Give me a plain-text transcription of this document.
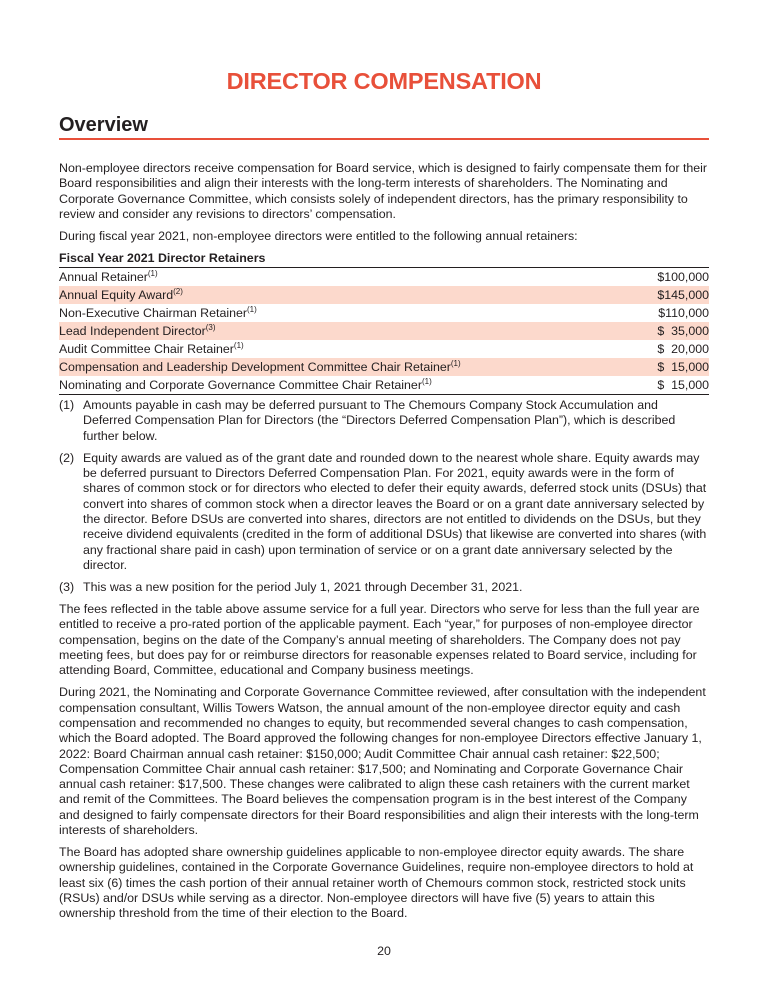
DIRECTOR COMPENSATION
Overview

Non-employee directors receive compensation for Board service, which is designed to fairly compensate them for their Board responsibilities and align their interests with the long-term interests of shareholders. The Nominating and Corporate Governance Committee, which consists solely of independent directors, has the primary responsibility to review and consider any revisions to directors’ compensation.

During fiscal year 2021, non-employee directors were entitled to the following annual retainers:

Fiscal Year 2021 Director Retainers
Annual Retainer$^{(1)}$	$100,000
Annual Equity Award$^{(2)}$	$145,000
Non-Executive Chairman Retainer$^{(1)}$	$110,000
Lead Independent Director$^{(3)}$	$  35,000
Audit Committee Chair Retainer$^{(1)}$	$  20,000
Compensation and Leadership Development Committee Chair Retainer$^{(1)}$	$  15,000
Nominating and Corporate Governance Committee Chair Retainer$^{(1)}$	$  15,000
(1) Amounts payable in cash may be deferred pursuant to The Chemours Company Stock Accumulation and Deferred Compensation Plan for Directors (the “Directors Deferred Compensation Plan”), which is described further below.
(2) Equity awards are valued as of the grant date and rounded down to the nearest whole share. Equity awards may be deferred pursuant to Directors Deferred Compensation Plan. For 2021, equity awards were in the form of shares of common stock or for directors who elected to defer their equity awards, deferred stock units (DSUs) that convert into shares of common stock when a director leaves the Board or on a grant date anniversary selected by the director. Before DSUs are converted into shares, directors are not entitled to dividends on the DSUs, but they receive dividend equivalents (credited in the form of additional DSUs) that likewise are converted into shares (with any fractional share paid in cash) upon termination of service or on a grant date anniversary selected by the director.
(3) This was a new position for the period July 1, 2021 through December 31, 2021.

The fees reflected in the table above assume service for a full year. Directors who serve for less than the full year are entitled to receive a pro-rated portion of the applicable payment. Each “year,” for purposes of non-employee director compensation, begins on the date of the Company’s annual meeting of shareholders. The Company does not pay meeting fees, but does pay for or reimburse directors for reasonable expenses related to Board service, including for attending Board, Committee, educational and Company business meetings.

During 2021, the Nominating and Corporate Governance Committee reviewed, after consultation with the independent compensation consultant, Willis Towers Watson, the annual amount of the non-employee director equity and cash compensation and recommended no changes to equity, but recommended several changes to cash compensation, which the Board adopted. The Board approved the following changes for non-employee Directors effective January 1, 2022: Board Chairman annual cash retainer: $150,000; Audit Committee Chair annual cash retainer: $22,500; Compensation Committee Chair annual cash retainer: $17,500; and Nominating and Corporate Governance Chair annual cash retainer: $17,500. These changes were calibrated to align these cash retainers with the current market and remit of the Committees. The Board believes the compensation program is in the best interest of the Company and designed to fairly compensate directors for their Board responsibilities and align their interests with the long-term interests of shareholders.

The Board has adopted share ownership guidelines applicable to non-employee director equity awards. The share ownership guidelines, contained in the Corporate Governance Guidelines, require non-employee directors to hold at least six (6) times the cash portion of their annual retainer worth of Chemours common stock, restricted stock units (RSUs) and/or DSUs while serving as a director. Non-employee directors will have five (5) years to attain this ownership threshold from the time of their election to the Board.

20
